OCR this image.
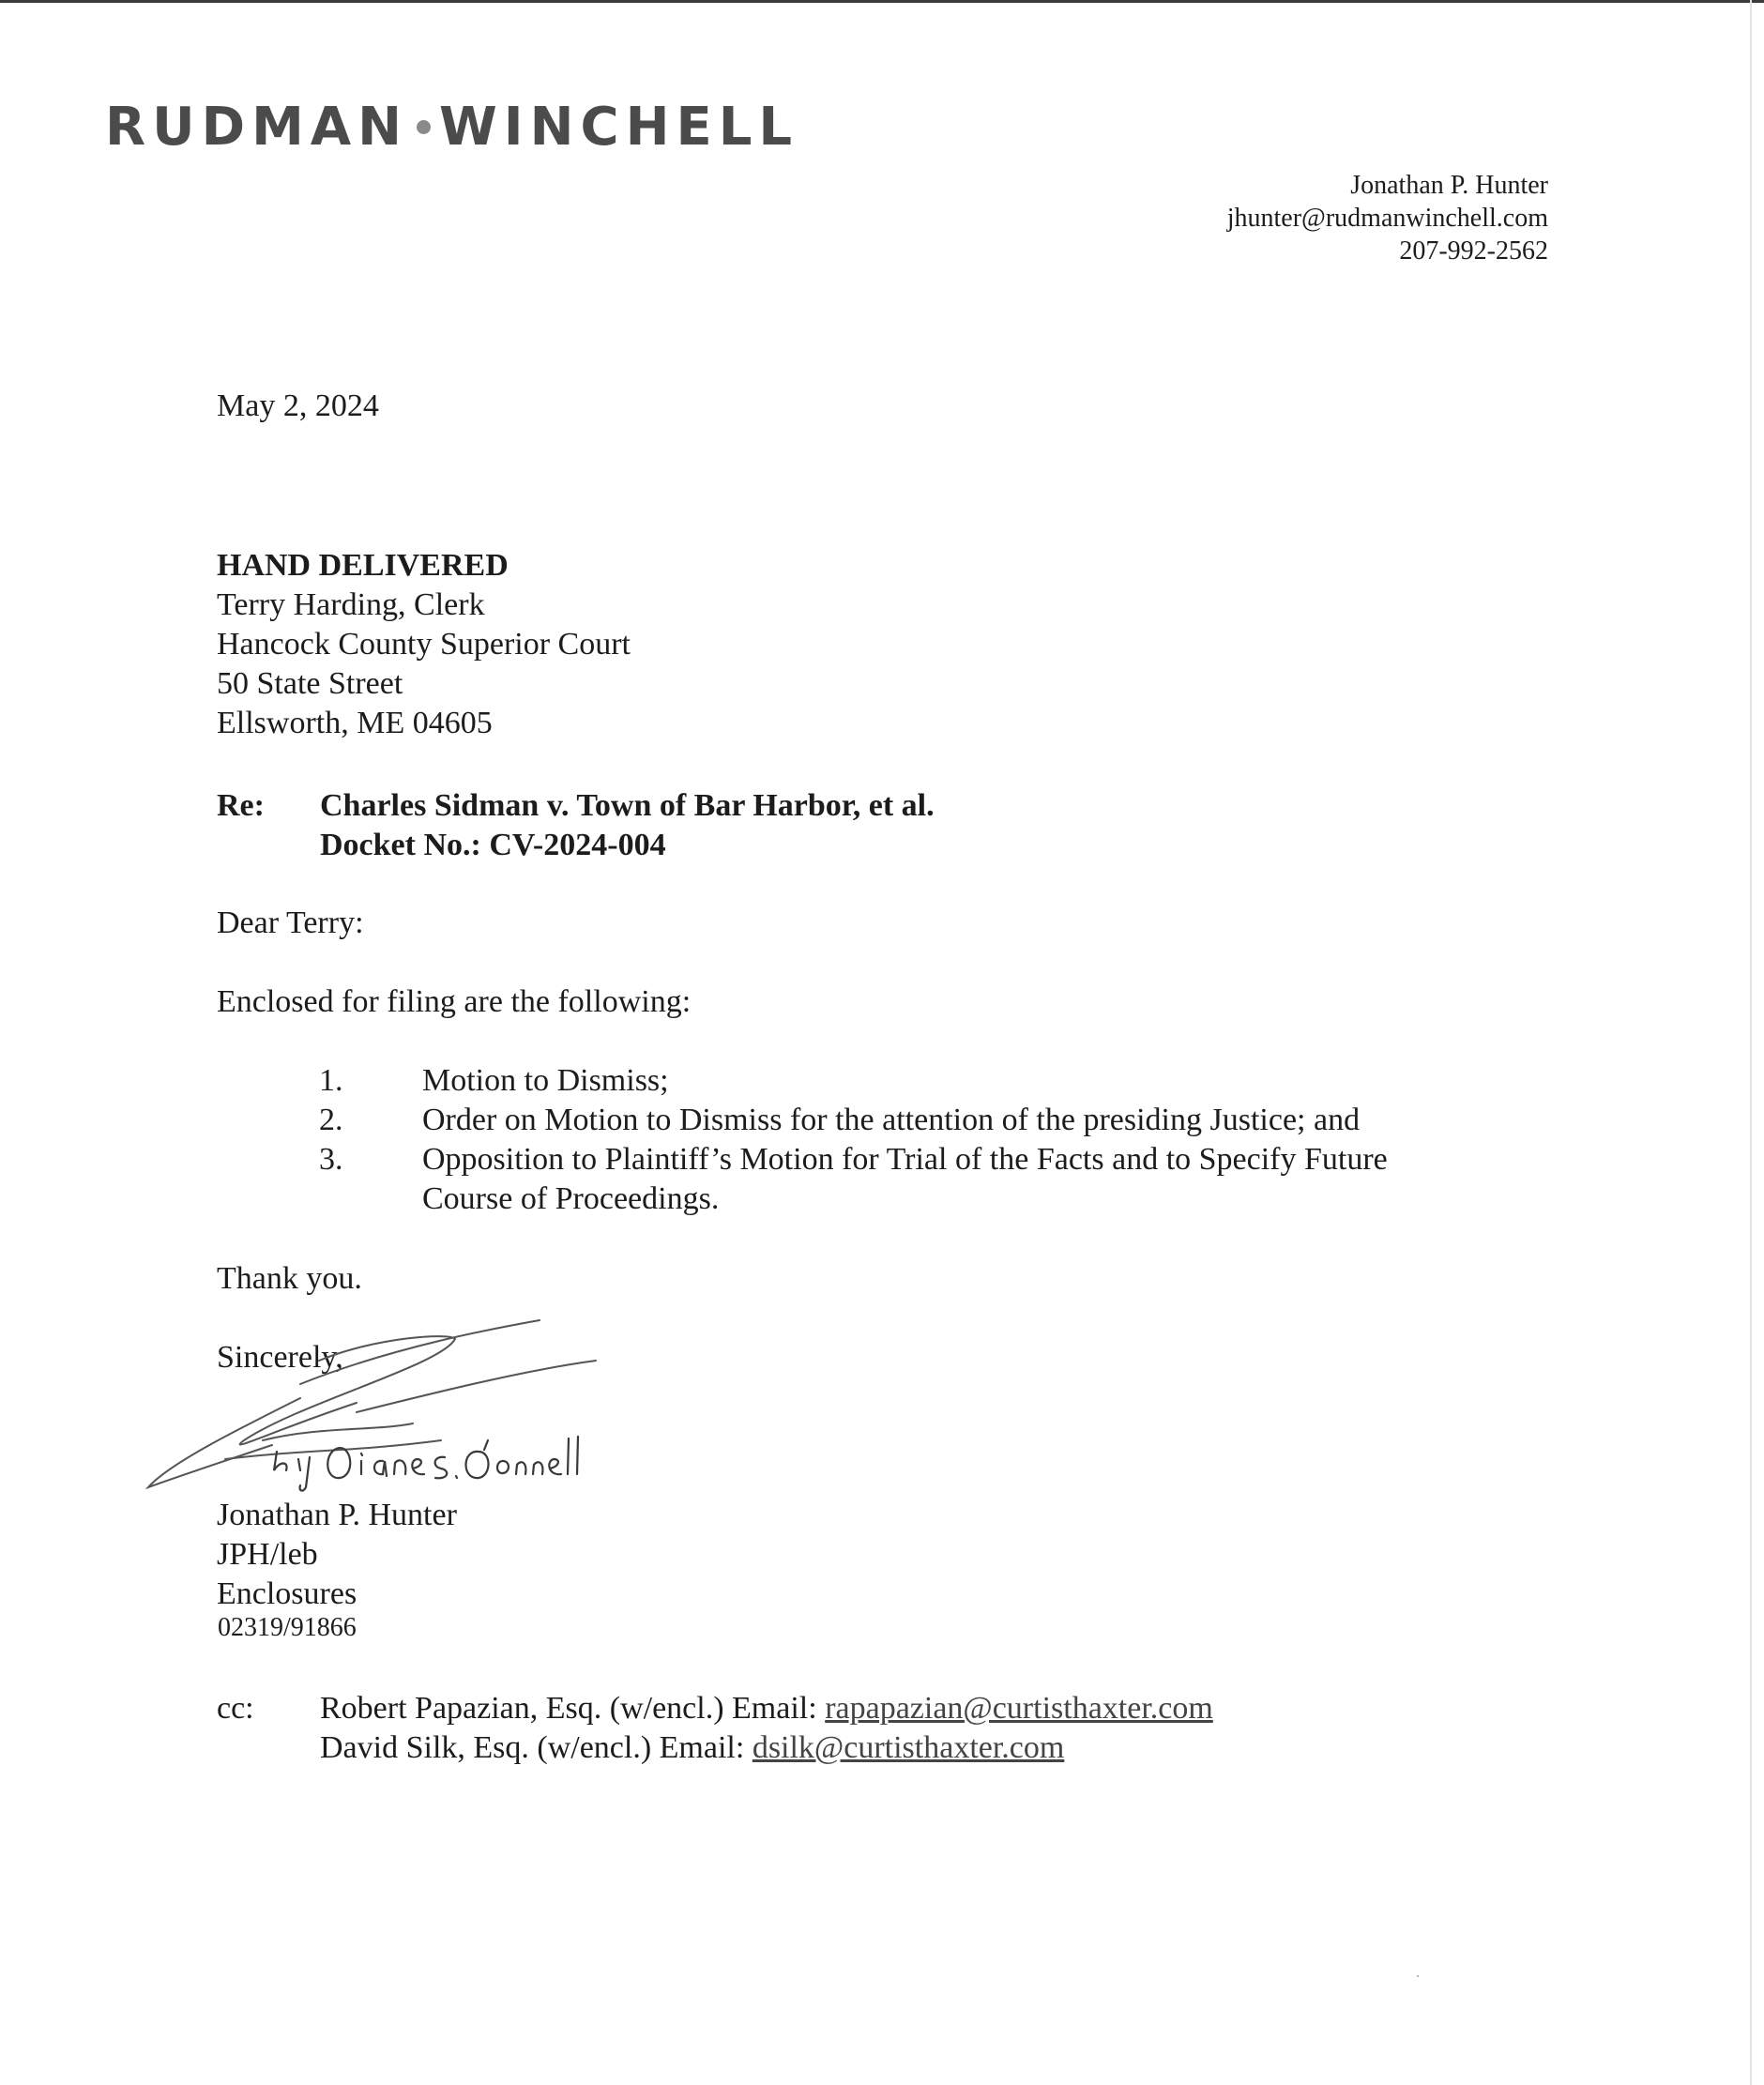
RUDMAN WINCHELL
Jonathan P. Hunter
jhunter@rudmanwinchell.com
207-992-2562
May 2, 2024
HAND DELIVERED
Terry Harding, Clerk
Hancock County Superior Court
50 State Street
Ellsworth, ME 04605
Re: Charles Sidman v. Town of Bar Harbor, et al.
Docket No.: CV-2024-004
Dear Terry:
Enclosed for filing are the following:
1. Motion to Dismiss;
2. Order on Motion to Dismiss for the attention of the presiding Justice; and
3. Opposition to Plaintiff’s Motion for Trial of the Facts and to Specify Future
Course of Proceedings.
Thank you.
Sincerely,
Jonathan P. Hunter
JPH/leb
Enclosures
02319/91866
cc: Robert Papazian, Esq. (w/encl.) Email: rapapazian@curtisthaxter.com
David Silk, Esq. (w/encl.) Email: dsilk@curtisthaxter.com
